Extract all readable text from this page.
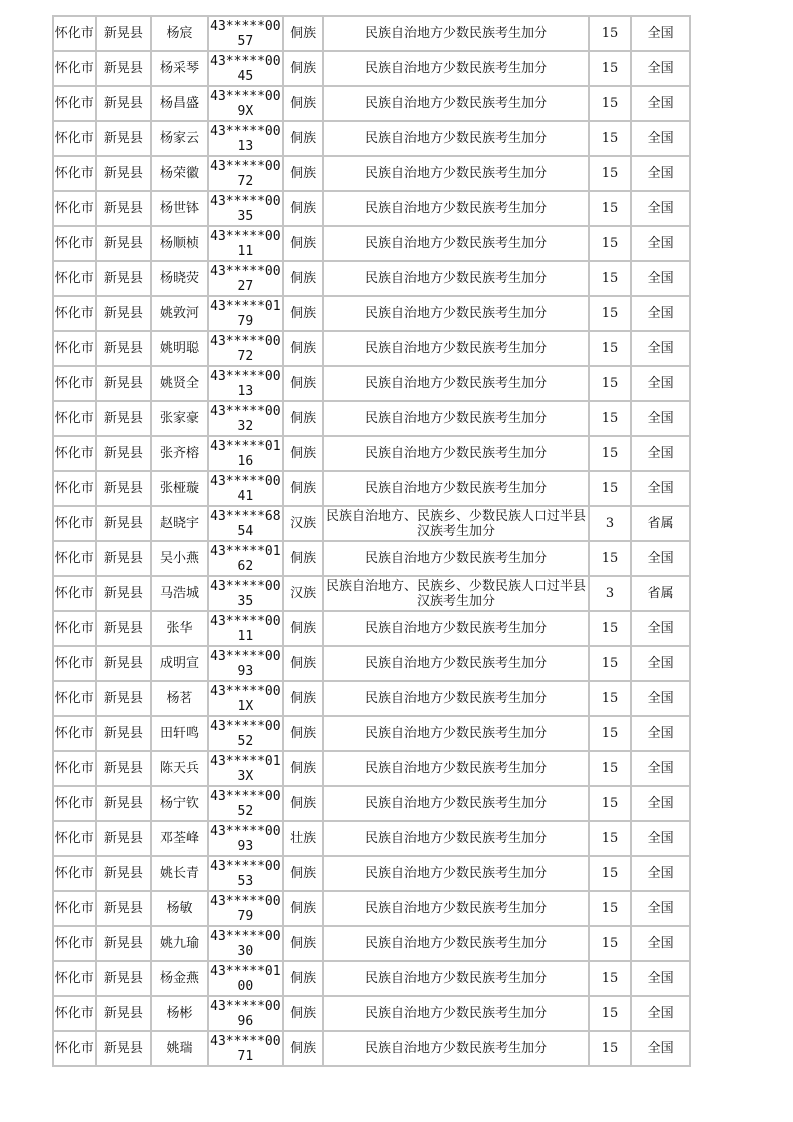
怀化市	新晃县	杨宸	43*****0057	侗族	民族自治地方少数民族考生加分	15	全国
怀化市	新晃县	杨采琴	43*****0045	侗族	民族自治地方少数民族考生加分	15	全国
怀化市	新晃县	杨昌盛	43*****009X	侗族	民族自治地方少数民族考生加分	15	全国
怀化市	新晃县	杨家云	43*****0013	侗族	民族自治地方少数民族考生加分	15	全国
怀化市	新晃县	杨荣徽	43*****0072	侗族	民族自治地方少数民族考生加分	15	全国
怀化市	新晃县	杨世钵	43*****0035	侗族	民族自治地方少数民族考生加分	15	全国
怀化市	新晃县	杨顺桢	43*****0011	侗族	民族自治地方少数民族考生加分	15	全国
怀化市	新晃县	杨晓荧	43*****0027	侗族	民族自治地方少数民族考生加分	15	全国
怀化市	新晃县	姚敦河	43*****0179	侗族	民族自治地方少数民族考生加分	15	全国
怀化市	新晃县	姚明聪	43*****0072	侗族	民族自治地方少数民族考生加分	15	全国
怀化市	新晃县	姚贤全	43*****0013	侗族	民族自治地方少数民族考生加分	15	全国
怀化市	新晃县	张家豪	43*****0032	侗族	民族自治地方少数民族考生加分	15	全国
怀化市	新晃县	张齐榕	43*****0116	侗族	民族自治地方少数民族考生加分	15	全国
怀化市	新晃县	张桠璇	43*****0041	侗族	民族自治地方少数民族考生加分	15	全国
怀化市	新晃县	赵晓宇	43*****6854	汉族	民族自治地方、民族乡、少数民族人口过半县汉族考生加分	3	省属
怀化市	新晃县	吴小燕	43*****0162	侗族	民族自治地方少数民族考生加分	15	全国
怀化市	新晃县	马浩城	43*****0035	汉族	民族自治地方、民族乡、少数民族人口过半县汉族考生加分	3	省属
怀化市	新晃县	张华	43*****0011	侗族	民族自治地方少数民族考生加分	15	全国
怀化市	新晃县	成明宣	43*****0093	侗族	民族自治地方少数民族考生加分	15	全国
怀化市	新晃县	杨茗	43*****001X	侗族	民族自治地方少数民族考生加分	15	全国
怀化市	新晃县	田轩鸣	43*****0052	侗族	民族自治地方少数民族考生加分	15	全国
怀化市	新晃县	陈天兵	43*****013X	侗族	民族自治地方少数民族考生加分	15	全国
怀化市	新晃县	杨宁钦	43*****0052	侗族	民族自治地方少数民族考生加分	15	全国
怀化市	新晃县	邓荃峰	43*****0093	壮族	民族自治地方少数民族考生加分	15	全国
怀化市	新晃县	姚长青	43*****0053	侗族	民族自治地方少数民族考生加分	15	全国
怀化市	新晃县	杨敏	43*****0079	侗族	民族自治地方少数民族考生加分	15	全国
怀化市	新晃县	姚九瑜	43*****0030	侗族	民族自治地方少数民族考生加分	15	全国
怀化市	新晃县	杨金燕	43*****0100	侗族	民族自治地方少数民族考生加分	15	全国
怀化市	新晃县	杨彬	43*****0096	侗族	民族自治地方少数民族考生加分	15	全国
怀化市	新晃县	姚瑞	43*****0071	侗族	民族自治地方少数民族考生加分	15	全国
